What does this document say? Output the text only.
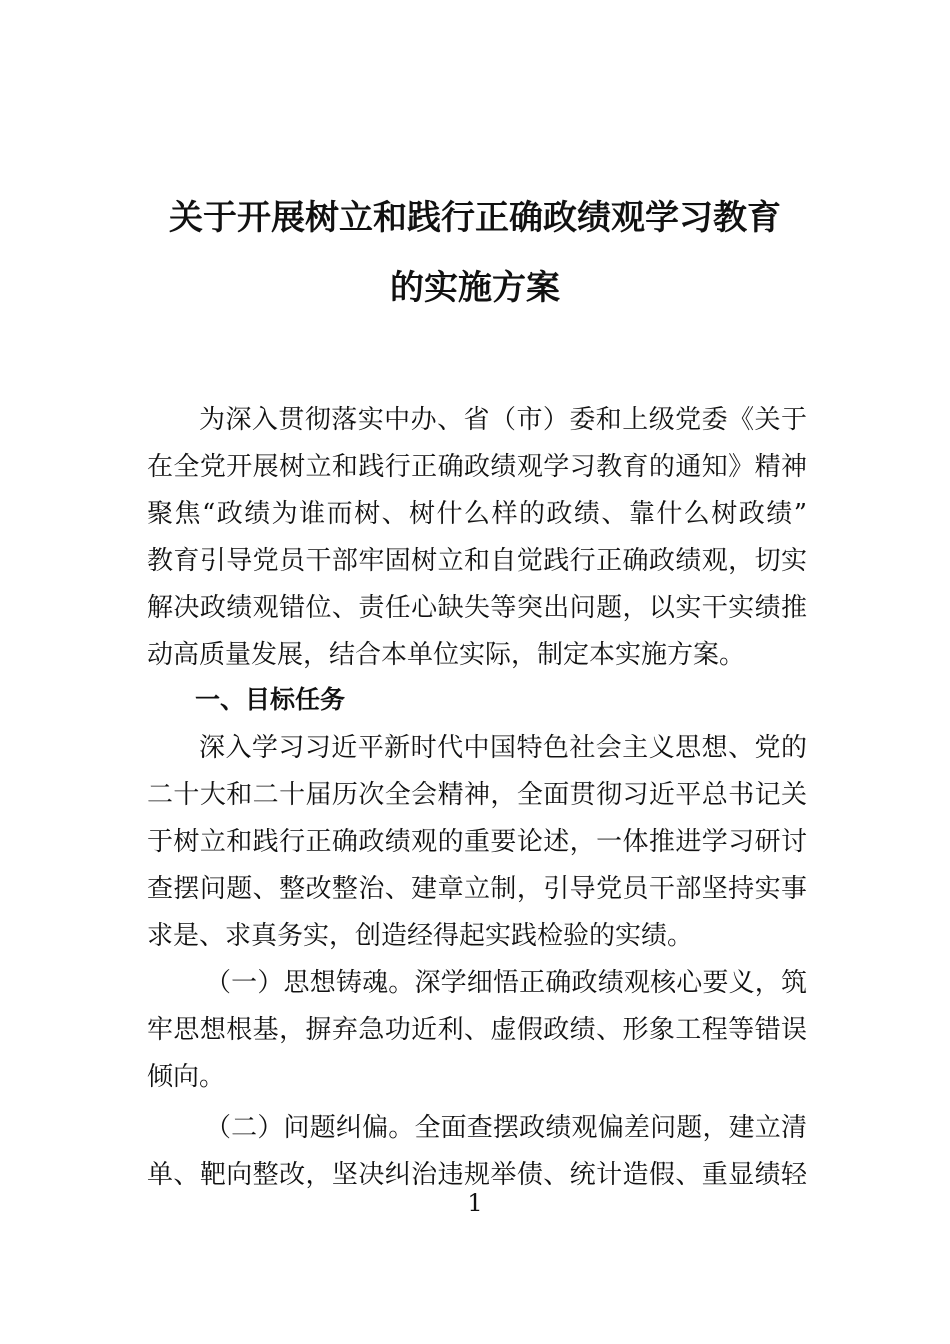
关于开展树立和践行正确政绩观学习教育
的实施方案
为深入贯彻落实中办、省（市）委和上级党委《关于
在全党开展树立和践行正确政绩观学习教育的通知》精神
聚焦“政绩为谁而树、树什么样的政绩、靠什么树政绩”
教育引导党员干部牢固树立和自觉践行正确政绩观，切实
解决政绩观错位、责任心缺失等突出问题，以实干实绩推
动高质量发展，结合本单位实际，制定本实施方案。
一、目标任务
深入学习习近平新时代中国特色社会主义思想、党的
二十大和二十届历次全会精神，全面贯彻习近平总书记关
于树立和践行正确政绩观的重要论述，一体推进学习研讨
查摆问题、整改整治、建章立制，引导党员干部坚持实事
求是、求真务实，创造经得起实践检验的实绩。
（一）思想铸魂。深学细悟正确政绩观核心要义，筑
牢思想根基，摒弃急功近利、虚假政绩、形象工程等错误
倾向。
（二）问题纠偏。全面查摆政绩观偏差问题，建立清
单、靶向整改，坚决纠治违规举债、统计造假、重显绩轻
1
